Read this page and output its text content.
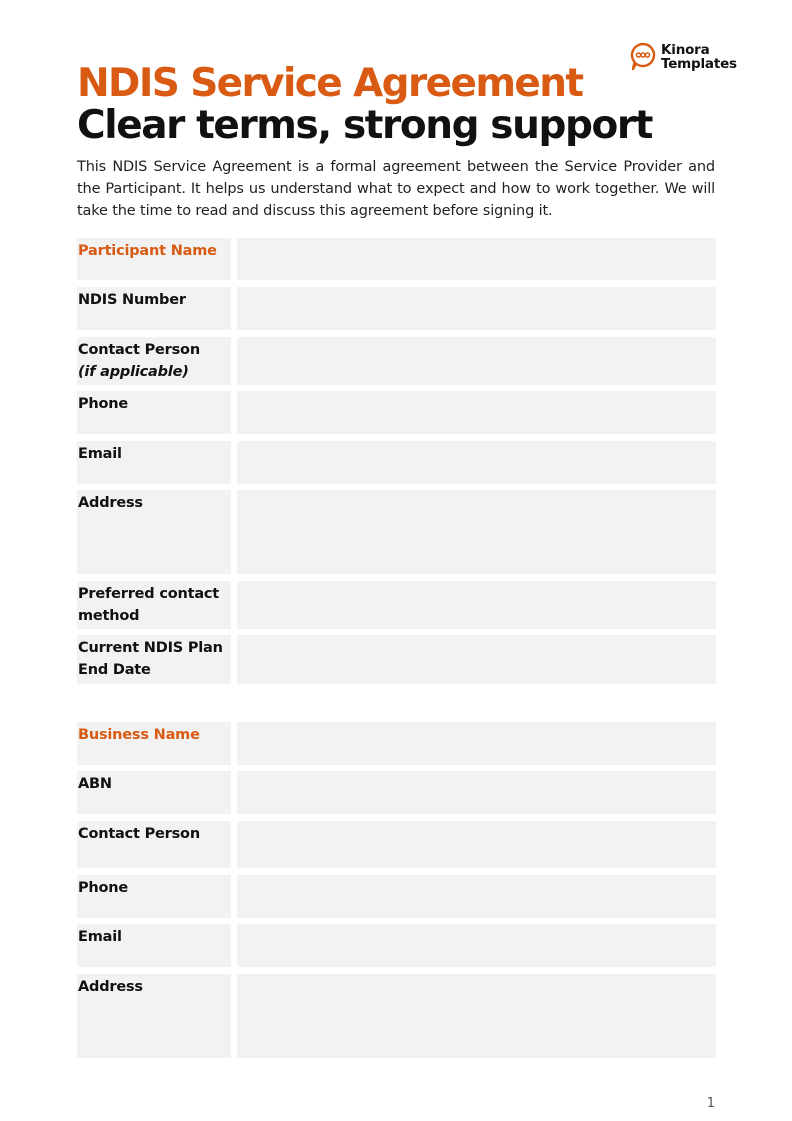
Kinora
Templates
NDIS Service Agreement
Clear terms, strong support

This NDIS Service Agreement is a formal agreement between the Service Provider and the Participant. It helps us understand what to expect and how to work together. We will take the time to read and discuss this agreement before signing it.

Participant Name
NDIS Number
Contact Person
(if applicable)
Phone
Email
Address
Preferred contact method
Current NDIS Plan End Date
Business Name
ABN
Contact Person
Phone
Email
Address
1
